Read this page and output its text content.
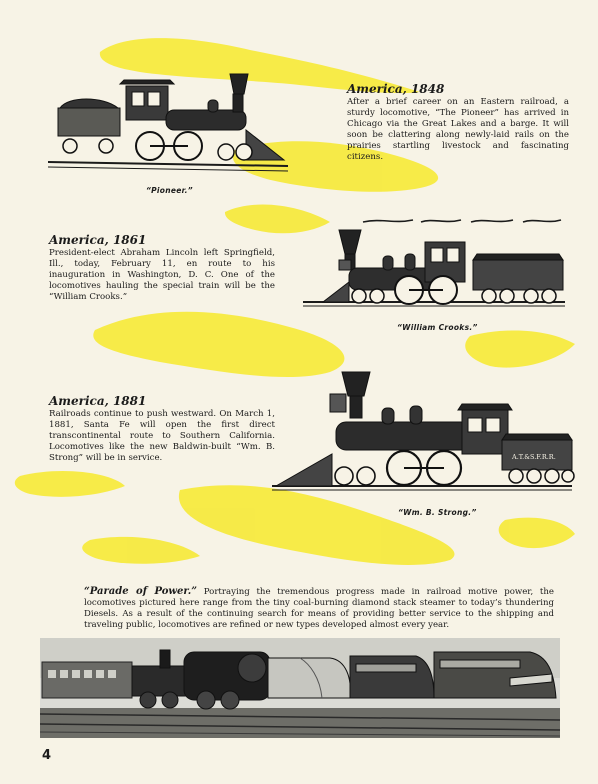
America, 1848
After a brief career on an Eastern railroad, a sturdy locomotive, “The Pioneer” has arrived in Chicago via the Great Lakes and a barge. It will soon be clattering along newly-laid rails on the prairies startling livestock and fascinating citizens.
“Pioneer.”
America, 1861
President-elect Abraham Lincoln left Springfield, Ill., today, February 11, en route to his inauguration in Washington, D. C. One of the locomotives hauling the special train will be the “William Crooks.”
“William Crooks.”
America, 1881
Railroads continue to push westward. On March 1, 1881, Santa Fe will open the first direct transcontinental route to Southern California. Locomotives like the new Baldwin-built “Wm. B. Strong” will be in service.	A.T.&S.F.R.R.
“Wm. B. Strong.”
“Parade of Power.” Portraying the tremendous progress made in railroad motive power, the locomotives pictured here range from the tiny coal-burning diamond stack steamer to today’s thundering Diesels. As a result of the continuing search for means of providing better service to the shipping and traveling public, locomotives are refined or new types developed almost every year.
4
